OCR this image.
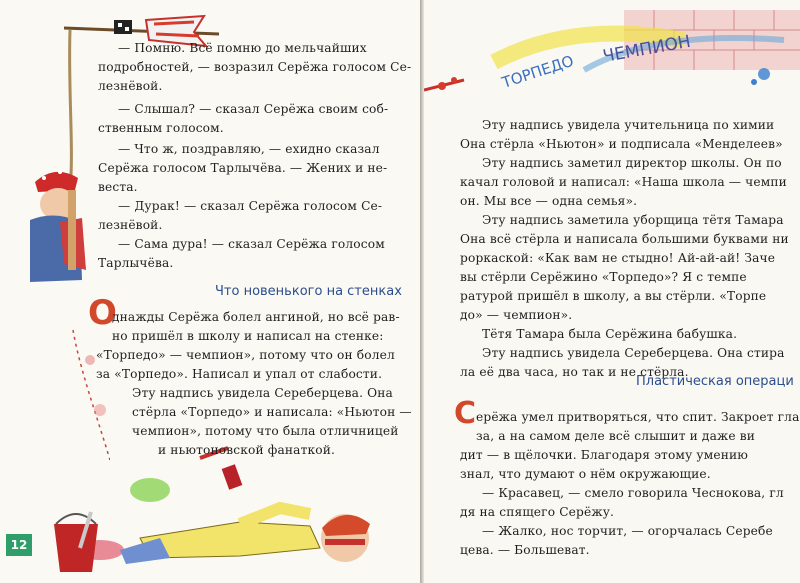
— Помню. Всё помню до мельчайших
подробностей, — возразил Серёжа голосом Се-
лезнёвой.
— Слышал? — сказал Серёжа своим соб-
ственным голосом.
— Что ж, поздравляю, — ехидно сказал
Серёжа голосом Тарлычёва. — Жених и не-
веста.
— Дурак! — сказал Серёжа голосом Се-
лезнёвой.
— Сама дура! — сказал Серёжа голосом
Тарлычёва.
Что новенького на стенках
О
днажды Серёжа болел ангиной, но всё рав-
но пришёл в школу и написал на стенке:
«Торпедо» — чемпион», потому что он болел
за «Торпедо». Написал и упал от слабости.
Эту надпись увидела Сереберцева. Она
стёрла «Торпедо» и написала: «Ньютон —
чемпион», потому что была отличницей
и ньютоновской фанаткой.
12
ТОРПЕДО
ЧЕМПИОН
Эту надпись увидела учительница по химии
Она стёрла «Ньютон» и подписала «Менделеев»
Эту надпись заметил директор школы. Он по
качал головой и написал: «Наша школа — чемпи
он. Мы все — одна семья».
Эту надпись заметила уборщица тётя Тамара
Она всё стёрла и написала большими буквами ни
роркаской: «Как вам не стыдно! Ай-ай-ай! Заче
вы стёрли Серёжино «Торпедо»? Я с темпе
ратурой пришёл в школу, а вы стёрли. «Торпе
до» — чемпион».
Тётя Тамара была Серёжина бабушка.
Эту надпись увидела Сереберцева. Она стира
ла её два часа, но так и не стёрла.
Пластическая операци
С ерёжа умел притворяться, что спит. Закроет гла
за, а на самом деле всё слышит и даже ви
дит — в щёлочки. Благодаря этому умению
знал, что думают о нём окружающие.
— Красавец, — смело говорила Чеснокова, гл
дя на спящего Серёжу.
— Жалко, нос торчит, — огорчалась Серебе
цева. — Большеват.
